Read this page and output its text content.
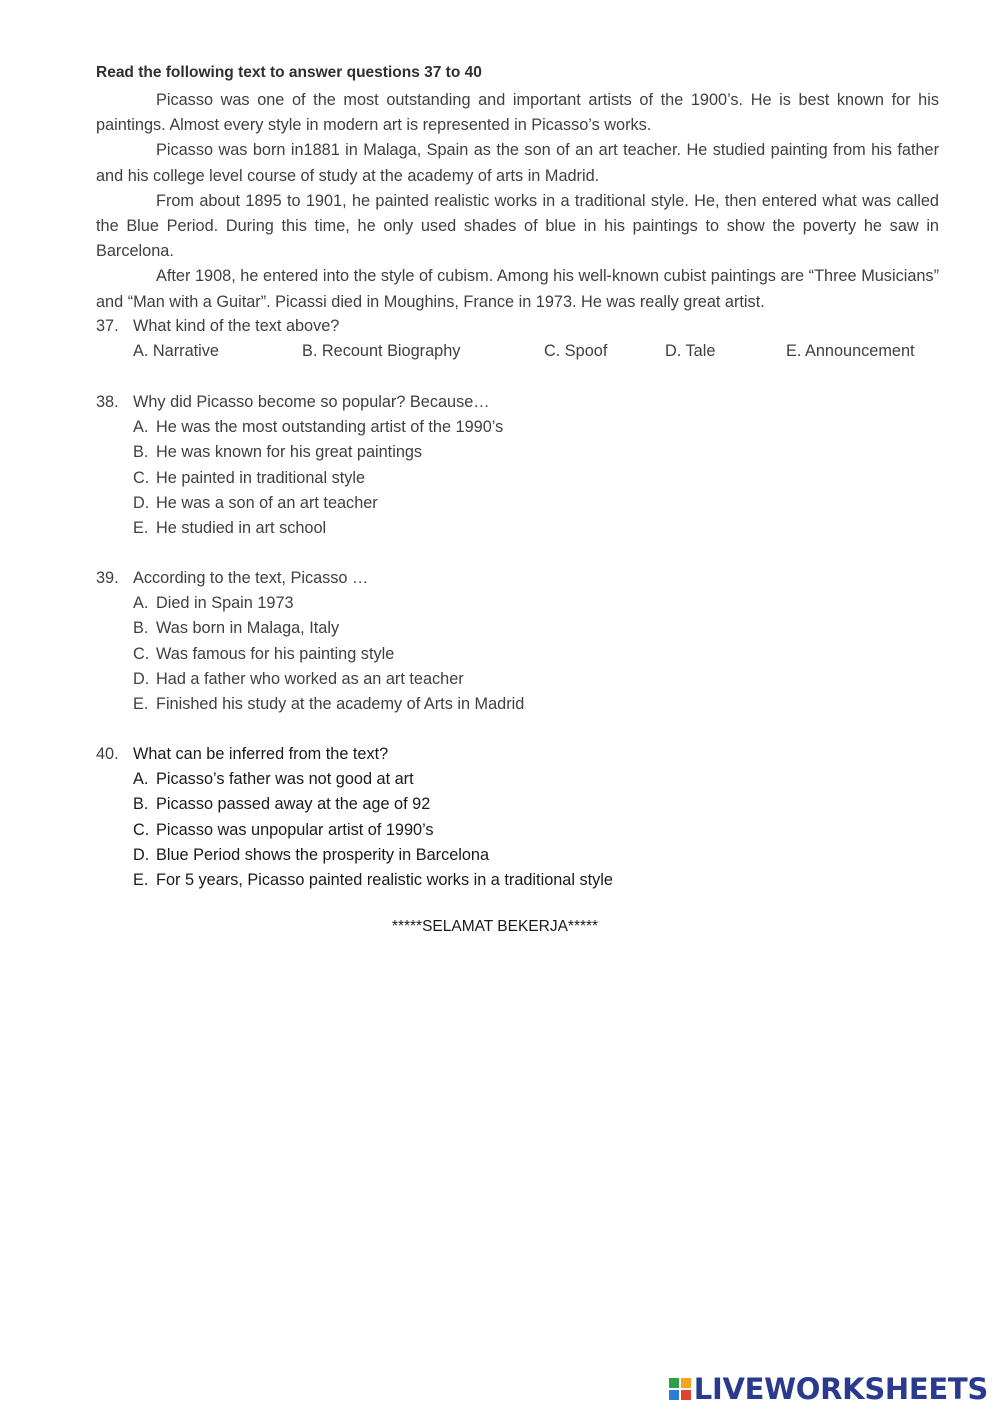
Read the following text to answer questions 37 to 40

Picasso was one of the most outstanding and important artists of the 1900’s. He is best known for his paintings. Almost every style in modern art is represented in Picasso’s works.

Picasso was born in1881 in Malaga, Spain as the son of an art teacher. He studied painting from his father and his college level course of study at the academy of arts in Madrid.

From about 1895 to 1901, he painted realistic works in a traditional style. He, then entered what was called the Blue Period. During this time, he only used shades of blue in his paintings to show the poverty he saw in Barcelona.

After 1908, he entered into the style of cubism. Among his well-known cubist paintings are “Three Musicians” and “Man with a Guitar”. Picassi died in Moughins, France in 1973. He was really great artist.

37. What kind of the text above?
A. Narrative	B. Recount Biography	C. Spoof	D. Tale	E. Announcement
38. Why did Picasso become so popular? Because…
A. He was the most outstanding artist of the 1990’s
B. He was known for his great paintings
C. He painted in traditional style
D. He was a son of an art teacher
E. He studied in art school
39. According to the text, Picasso …
A. Died in Spain 1973
B. Was born in Malaga, Italy
C. Was famous for his painting style
D. Had a father who worked as an art teacher
E. Finished his study at the academy of Arts in Madrid
40. What can be inferred from the text?
A. Picasso’s father was not good at art
B. Picasso passed away at the age of 92
C. Picasso was unpopular artist of 1990’s
D. Blue Period shows the prosperity in Barcelona
E. For 5 years, Picasso painted realistic works in a traditional style
*****SELAMAT BEKERJA*****
LIVEWORKSHEETS
